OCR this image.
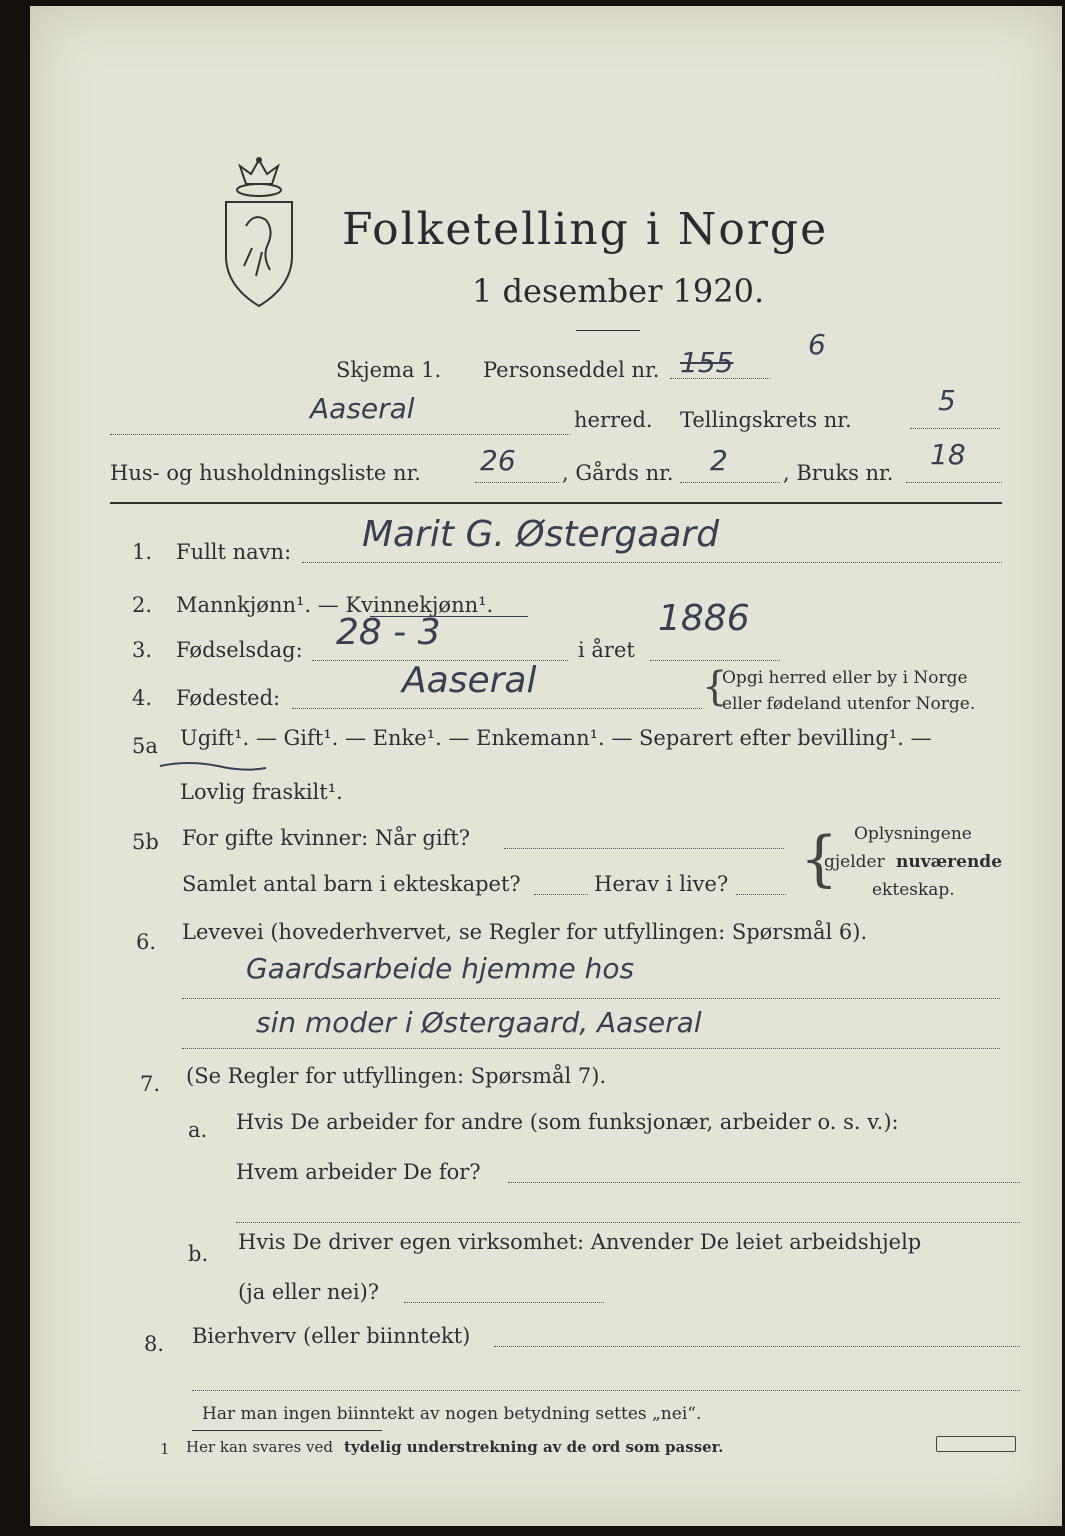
Folketelling i Norge
1 desember 1920.
Skjema 1. Personseddel nr. 155
6
Aaseral	herred. Tellingskrets nr.
5
Hus- og husholdningsliste nr. 26 , Gårds nr. 2	, Bruks nr.
18
1. Fullt navn: Marit G. Østergaard
2. Mannkjønn¹. — Kvinnekjønn¹.
3. Fødselsdag: 28 - 3	i året
1886
4. Fødested:	Aaseral	{
Opgi herred eller by i Norge
eller fødeland utenfor Norge.
5a Ugift¹. — Gift¹. — Enke¹. — Enkemann¹. — Separert efter bevilling¹. —
Lovlig fraskilt¹.
5b For gifte kvinner: Når gift?
Samlet antal barn i ekteskapet?	Herav i live? { Oplysningene
gjelder nuværende
ekteskap.
6. Levevei (hovederhvervet, se Regler for utfyllingen: Spørsmål 6).
Gaardsarbeide hjemme hos
sin moder i Østergaard, Aaseral
7. (Se Regler for utfyllingen: Spørsmål 7).
a. Hvis De arbeider for andre (som funksjonær, arbeider o. s. v.):
Hvem arbeider De for?
b. Hvis De driver egen virksomhet: Anvender De leiet arbeidshjelp
(ja eller nei)?
8. Bierhverv (eller biinntekt)
Har man ingen biinntekt av nogen betydning settes „nei“.
1 Her kan svares ved tydelig understrekning av de ord som passer.
